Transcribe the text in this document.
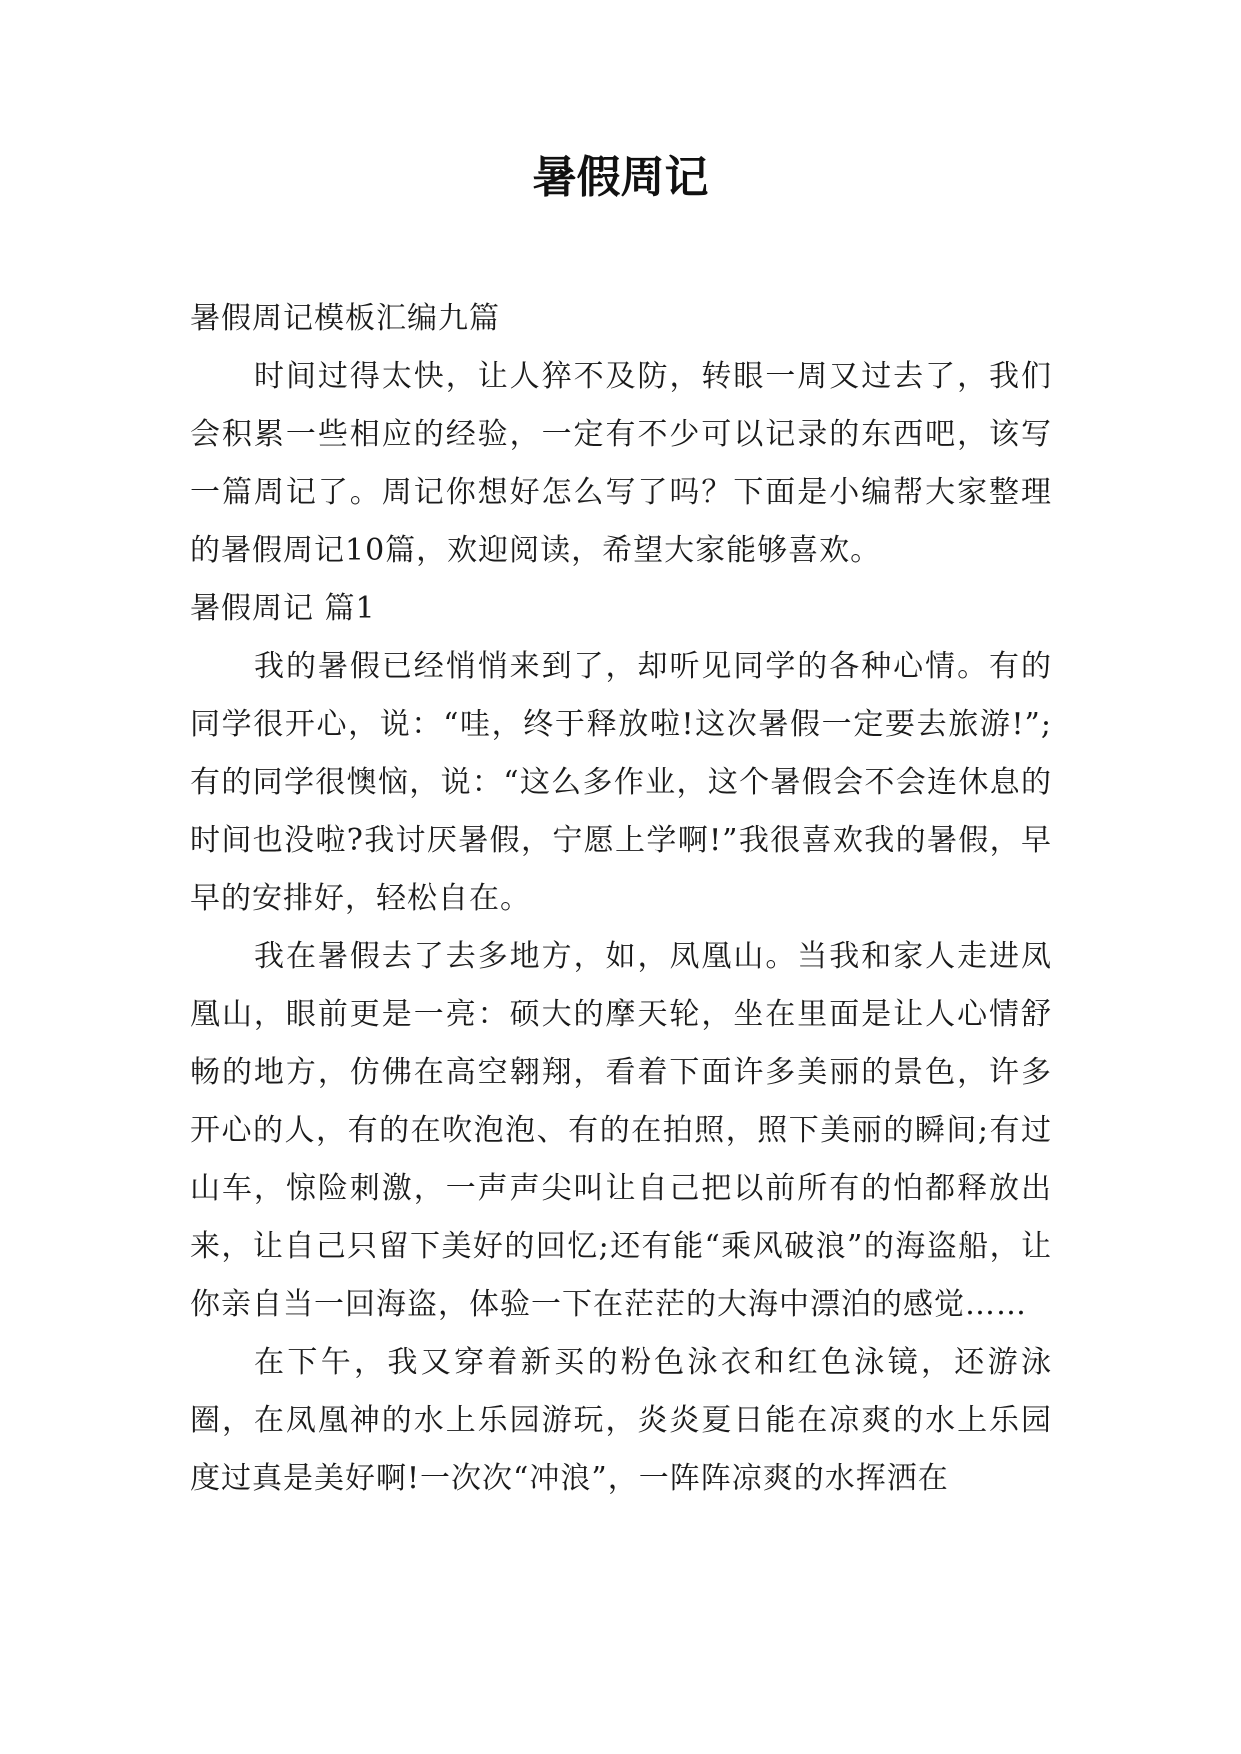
暑假周记

暑假周记模板汇编九篇

时间过得太快，让人猝不及防，转眼一周又过去了，我们会积累一些相应的经验，一定有不少可以记录的东西吧，该写一篇周记了。周记你想好怎么写了吗？下面是小编帮大家整理的暑假周记10篇，欢迎阅读，希望大家能够喜欢。

暑假周记 篇1

我的暑假已经悄悄来到了，却听见同学的各种心情。有的同学很开心，说：“哇，终于释放啦!这次暑假一定要去旅游!”;有的同学很懊恼，说：“这么多作业，这个暑假会不会连休息的时间也没啦?我讨厌暑假，宁愿上学啊!”我很喜欢我的暑假，早早的安排好，轻松自在。

我在暑假去了去多地方，如，凤凰山。当我和家人走进凤凰山，眼前更是一亮：硕大的摩天轮，坐在里面是让人心情舒畅的地方，仿佛在高空翱翔，看着下面许多美丽的景色，许多开心的人，有的在吹泡泡、有的在拍照，照下美丽的瞬间;有过山车，惊险刺激，一声声尖叫让自己把以前所有的怕都释放出来，让自己只留下美好的回忆;还有能“乘风破浪”的海盗船，让你亲自当一回海盗，体验一下在茫茫的大海中漂泊的感觉……

在下午，我又穿着新买的粉色泳衣和红色泳镜，还游泳圈，在凤凰神的水上乐园游玩，炎炎夏日能在凉爽的水上乐园度过真是美好啊!一次次“冲浪”，一阵阵凉爽的水挥洒在
